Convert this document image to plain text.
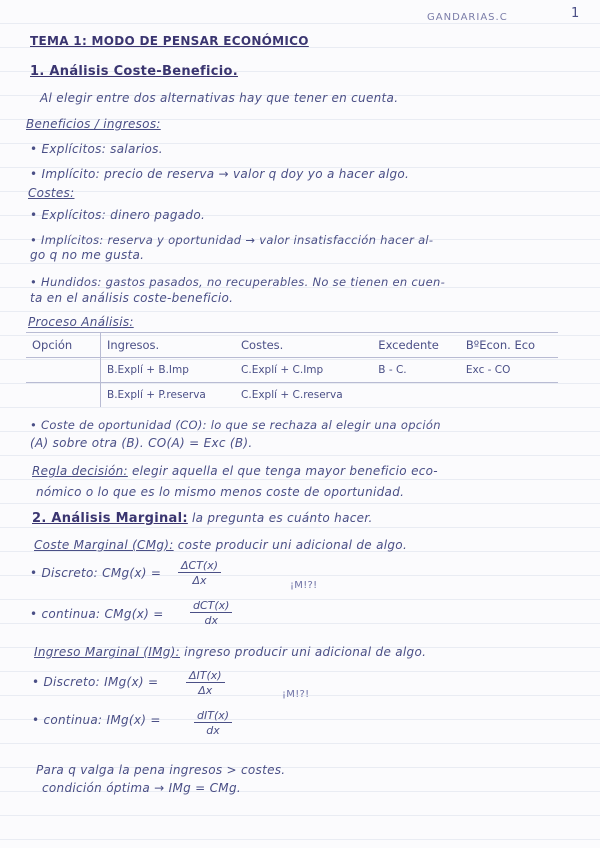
TEMA 1: MODO DE PENSAR ECONÓMICO
GANDARIAS.C	1
1. Análisis Coste-Beneficio.
Al elegir entre dos alternativas hay que tener en cuenta.
Beneficios / ingresos:
• Explícitos: salarios.
• Implícito: precio de reserva → valor q doy yo a hacer algo.
Costes:
• Explícitos: dinero pagado.
• Implícitos: reserva y oportunidad → valor insatisfacción hacer al-
go q no me gusta.
• Hundidos: gastos pasados, no recuperables. No se tienen en cuen-
ta en el análisis coste-beneficio.
Proceso Análisis:
Opción	Ingresos.	Costes.	Excedente	BºEcon. Eco
	B.Explí + B.Imp	C.Explí + C.Imp	B - C.	Exc - CO
	B.Explí + P.reserva	C.Explí + C.reserva		
• Coste de oportunidad (CO): lo que se rechaza al elegir una opción
(A) sobre otra (B). CO(A) = Exc (B).
Regla decisión: elegir aquella el que tenga mayor beneficio eco-
nómico o lo que es lo mismo menos coste de oportunidad.
2. Análisis Marginal: la pregunta es cuánto hacer.
Coste Marginal (CMg): coste producir uni adicional de algo.
• Discreto: CMg(x) =
ΔCT(x)
Δx	¡M!?!
• continua: CMg(x) =
dCT(x)
dx
Ingreso Marginal (IMg): ingreso producir uni adicional de algo.
• Discreto: IMg(x) =	ΔIT(x)
Δx	¡M!?!
• continua: IMg(x) =	dIT(x)
dx
Para q valga la pena ingresos > costes.
condición óptima → IMg = CMg.
